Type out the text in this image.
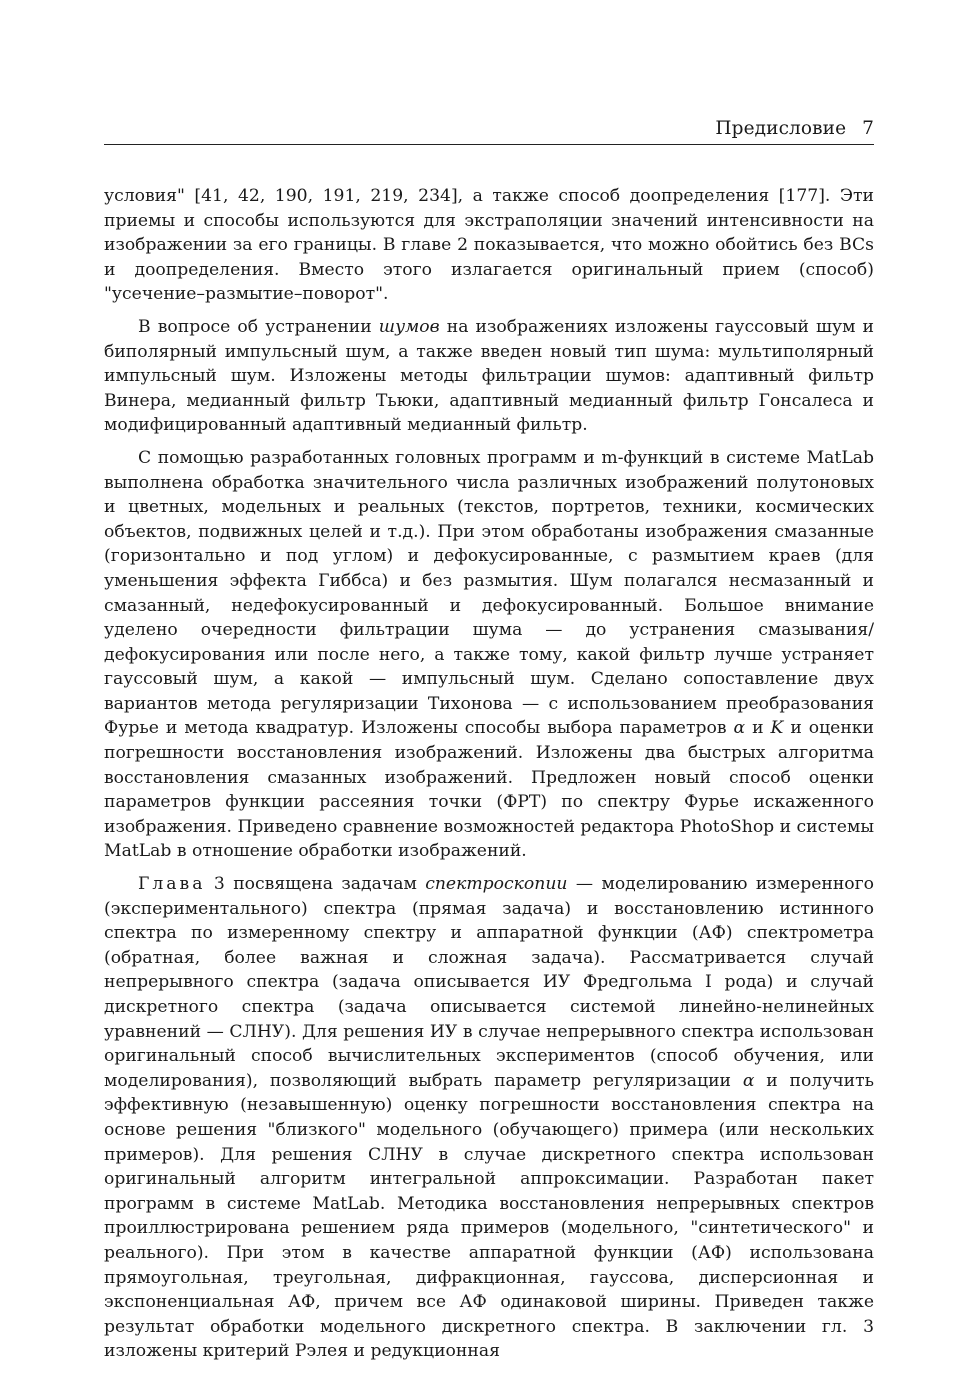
Предисловие 7

условия" [41, 42, 190, 191, 219, 234], а также способ доопределения [177]. Эти приемы и способы используются для экстраполяции значений интенсивности на изображении за его границы. В главе 2 показывается, что можно обойтись без BCs и доопределения. Вместо этого излагается оригинальный прием (способ) "усечение–размытие–поворот".

В вопросе об устранении шумов на изображениях изложены гауссовый шум и биполярный импульсный шум, а также введен новый тип шума: мультиполярный импульсный шум. Изложены методы фильтрации шумов: адаптивный фильтр Винера, медианный фильтр Тьюки, адаптивный медианный фильтр Гонсалеса и модифицированный адаптивный медианный фильтр.

С помощью разработанных головных программ и m-функций в системе MatLab выполнена обработка значительного числа различных изображений полутоновых и цветных, модельных и реальных (текстов, портретов, техники, космических объектов, подвижных целей и т.д.). При этом обработаны изображения смазанные (горизонтально и под углом) и дефокусированные, с размытием краев (для уменьшения эффекта Гиббса) и без размытия. Шум полагался несмазанный и смазанный, недефокусированный и дефокусированный. Большое внимание уделено очередности фильтрации шума — до устранения смазывания/дефокусирования или после него, а также тому, какой фильтр лучше устраняет гауссовый шум, а какой — импульсный шум. Сделано сопоставление двух вариантов метода регуляризации Тихонова — с использованием преобразования Фурье и метода квадратур. Изложены способы выбора параметров α и K и оценки погрешности восстановления изображений. Изложены два быстрых алгоритма восстановления смазанных изображений. Предложен новый способ оценки параметров функции рассеяния точки (ФРТ) по спектру Фурье искаженного изображения. Приведено сравнение возможностей редактора PhotoShop и системы MatLab в отношение обработки изображений.

Глава 3 посвящена задачам спектроскопии — моделированию измеренного (экспериментального) спектра (прямая задача) и восстановлению истинного спектра по измеренному спектру и аппаратной функции (АФ) спектрометра (обратная, более важная и сложная задача). Рассматривается случай непрерывного спектра (задача описывается ИУ Фредгольма I рода) и случай дискретного спектра (задача описывается системой линейно-нелинейных уравнений — СЛНУ). Для решения ИУ в случае непрерывного спектра использован оригинальный способ вычислительных экспериментов (способ обучения, или моделирования), позволяющий выбрать параметр регуляризации α и получить эффективную (незавышенную) оценку погрешности восстановления спектра на основе решения "близкого" модельного (обучающего) примера (или нескольких примеров). Для решения СЛНУ в случае дискретного спектра использован оригинальный алгоритм интегральной аппроксимации. Разработан пакет программ в системе MatLab. Методика восстановления непрерывных спектров проиллюстрирована решением ряда примеров (модельного, "синтетического" и реального). При этом в качестве аппаратной функции (АФ) использована прямоугольная, треугольная, дифракционная, гауссова, дисперсионная и экспоненциальная АФ, причем все АФ одинаковой ширины. Приведен также результат обработки модельного дискретного спектра. В заключении гл. 3 изложены критерий Рэлея и редукционная
